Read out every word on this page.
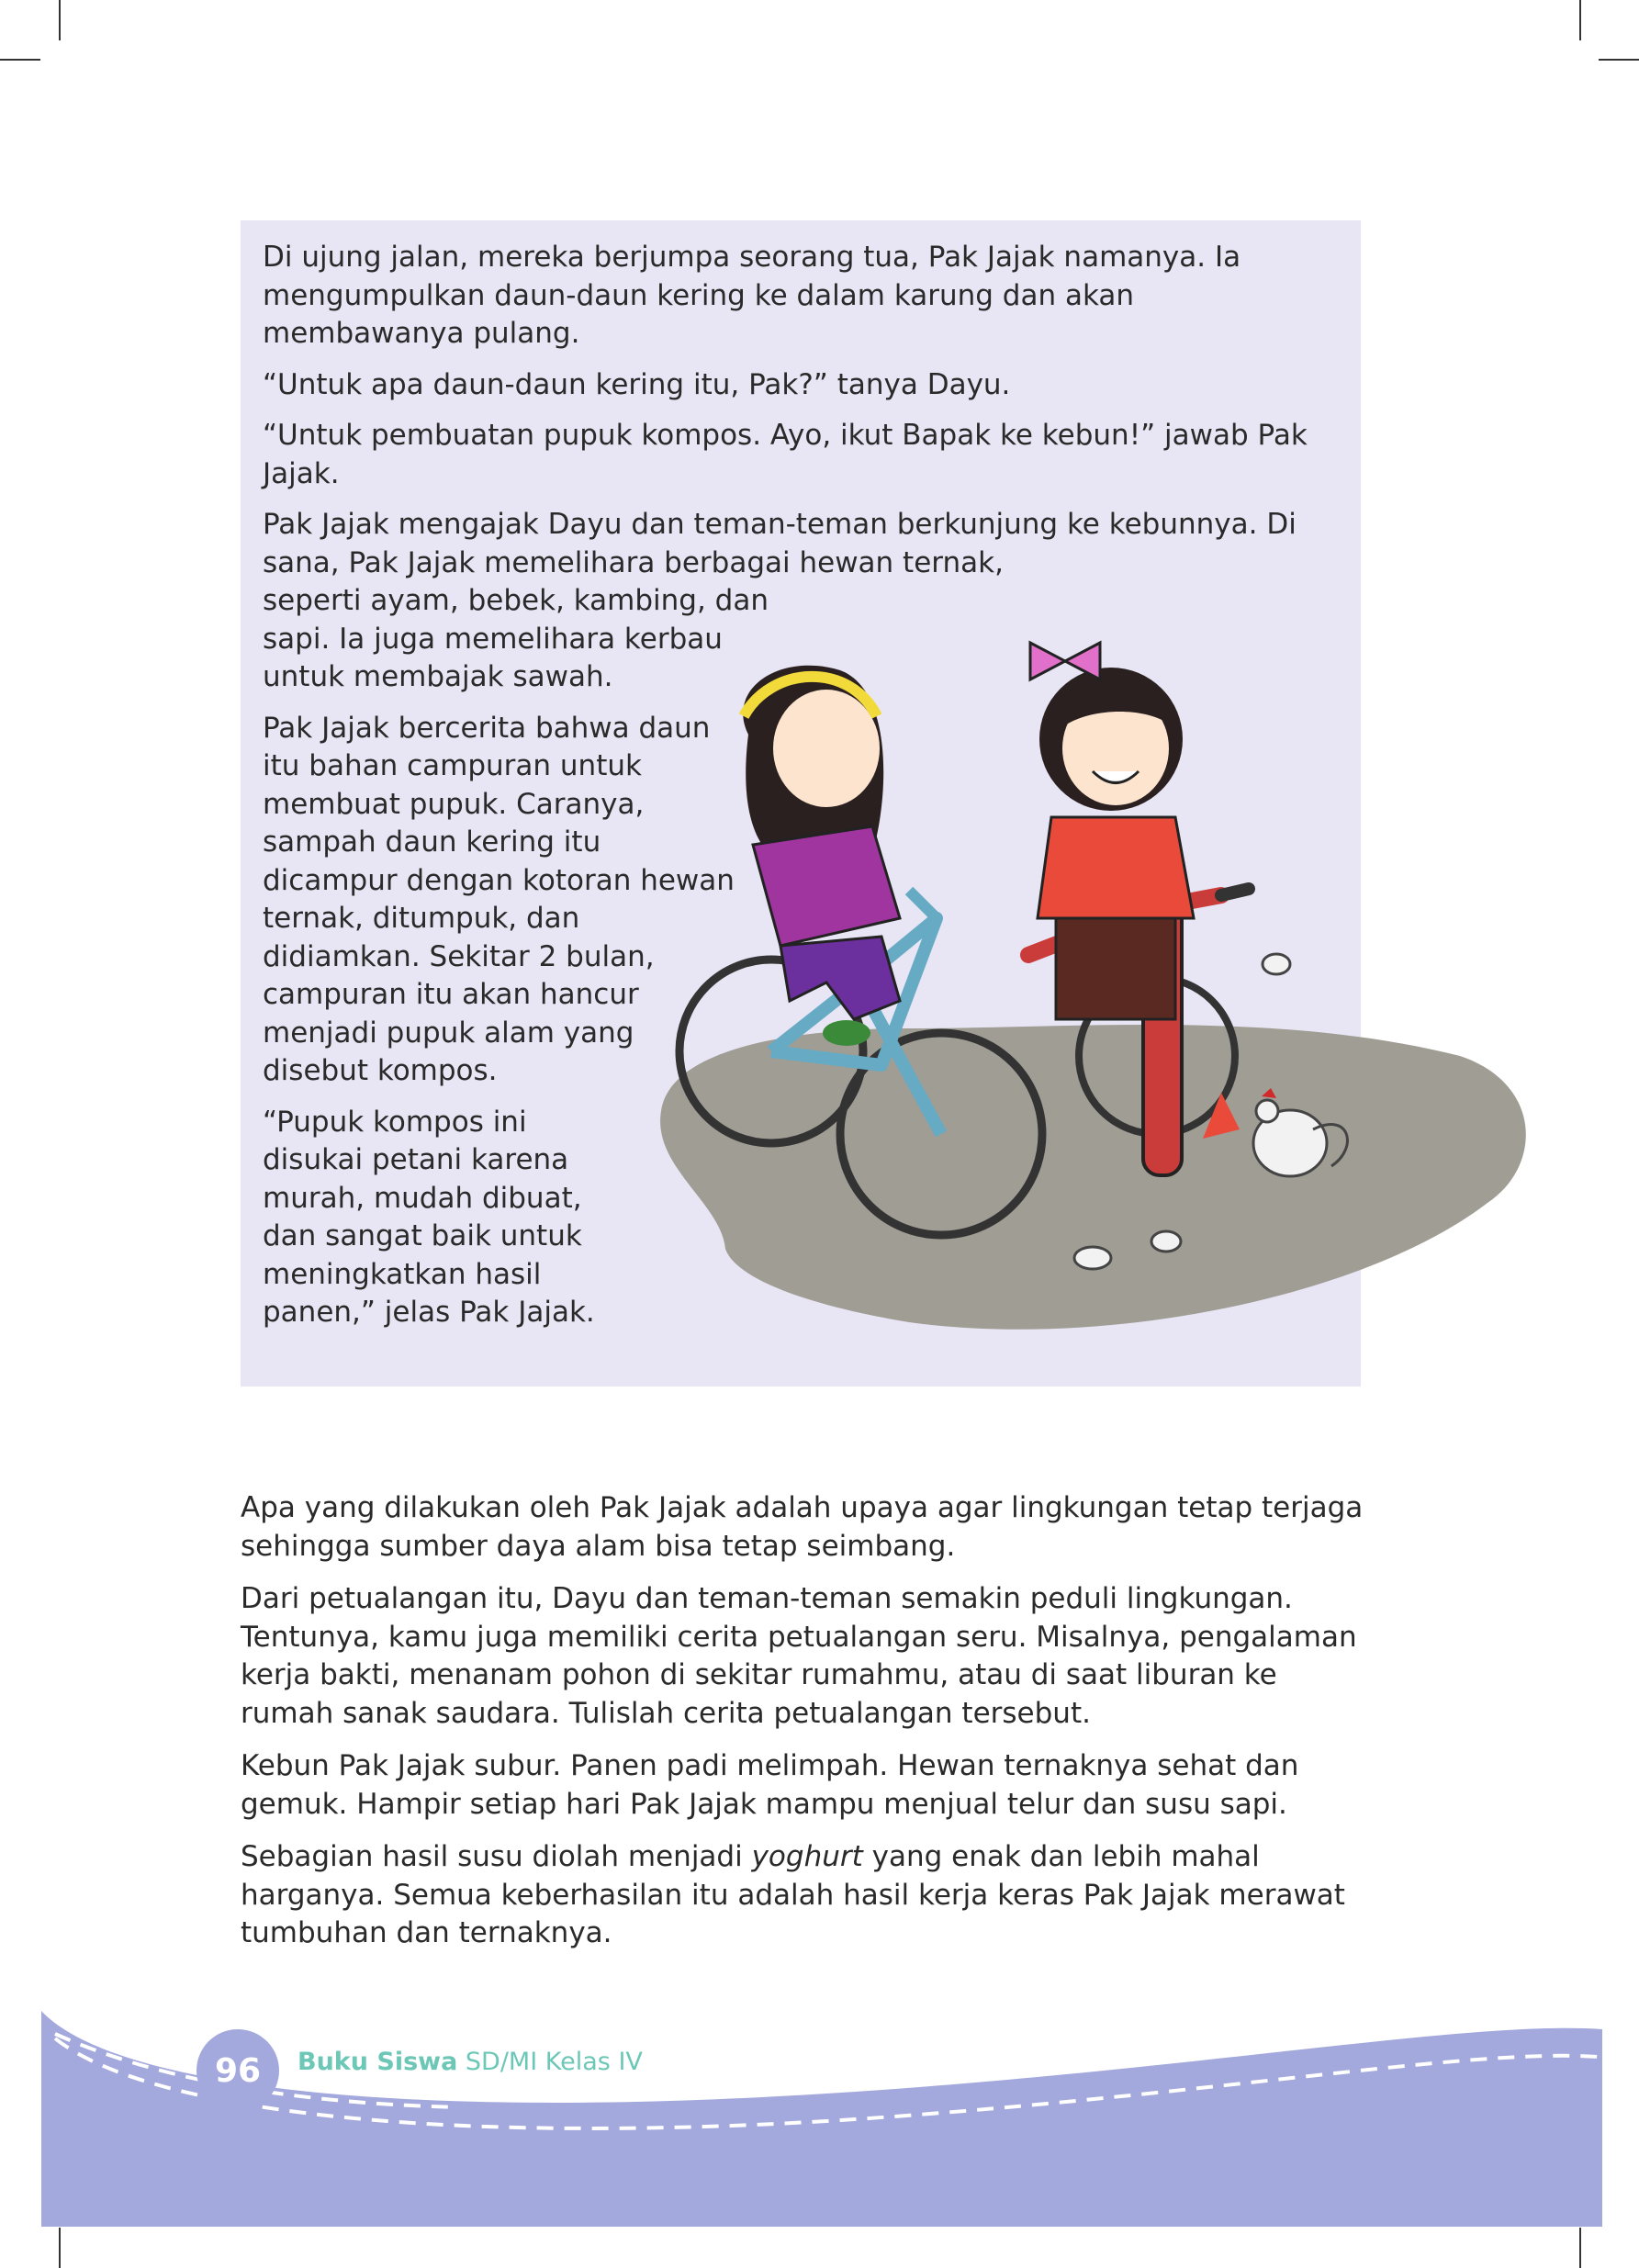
Di ujung jalan, mereka berjumpa seorang tua, Pak Jajak namanya. Ia mengumpulkan daun-daun kering ke dalam karung dan akan membawanya pulang.

“Untuk apa daun-daun kering itu, Pak?” tanya Dayu.

“Untuk pembuatan pupuk kompos. Ayo, ikut Bapak ke kebun!” jawab Pak Jajak.

Pak Jajak mengajak Dayu dan teman-teman berkunjung ke kebunnya. Di sana, Pak Jajak memelihara berbagai hewan ternak,

seperti ayam, bebek, kambing, dan sapi. Ia juga memelihara kerbau untuk membajak sawah.

Pak Jajak bercerita bahwa daun itu bahan campuran untuk membuat pupuk. Caranya, sampah daun kering itu dicampur dengan kotoran hewan ternak, ditumpuk, dan didiamkan. Sekitar 2 bulan, campuran itu akan hancur menjadi pupuk alam yang disebut kompos.

“Pupuk kompos ini disukai petani karena murah, mudah dibuat, dan sangat baik untuk meningkatkan hasil panen,” jelas Pak Jajak.

Apa yang dilakukan oleh Pak Jajak adalah upaya agar lingkungan tetap terjaga sehingga sumber daya alam bisa tetap seimbang.

Dari petualangan itu, Dayu dan teman-teman semakin peduli lingkungan. Tentunya, kamu juga memiliki cerita petualangan seru. Misalnya, pengalaman kerja bakti, menanam pohon di sekitar rumahmu, atau di saat liburan ke rumah sanak saudara. Tulislah cerita petualangan tersebut.

Kebun Pak Jajak subur. Panen padi melimpah. Hewan ternaknya sehat dan gemuk. Hampir setiap hari Pak Jajak mampu menjual telur dan susu sapi.

Sebagian hasil susu diolah menjadi yoghurt yang enak dan lebih mahal harganya. Semua keberhasilan itu adalah hasil kerja keras Pak Jajak merawat tumbuhan dan ternaknya.

96	Buku Siswa SD/MI Kelas IV
